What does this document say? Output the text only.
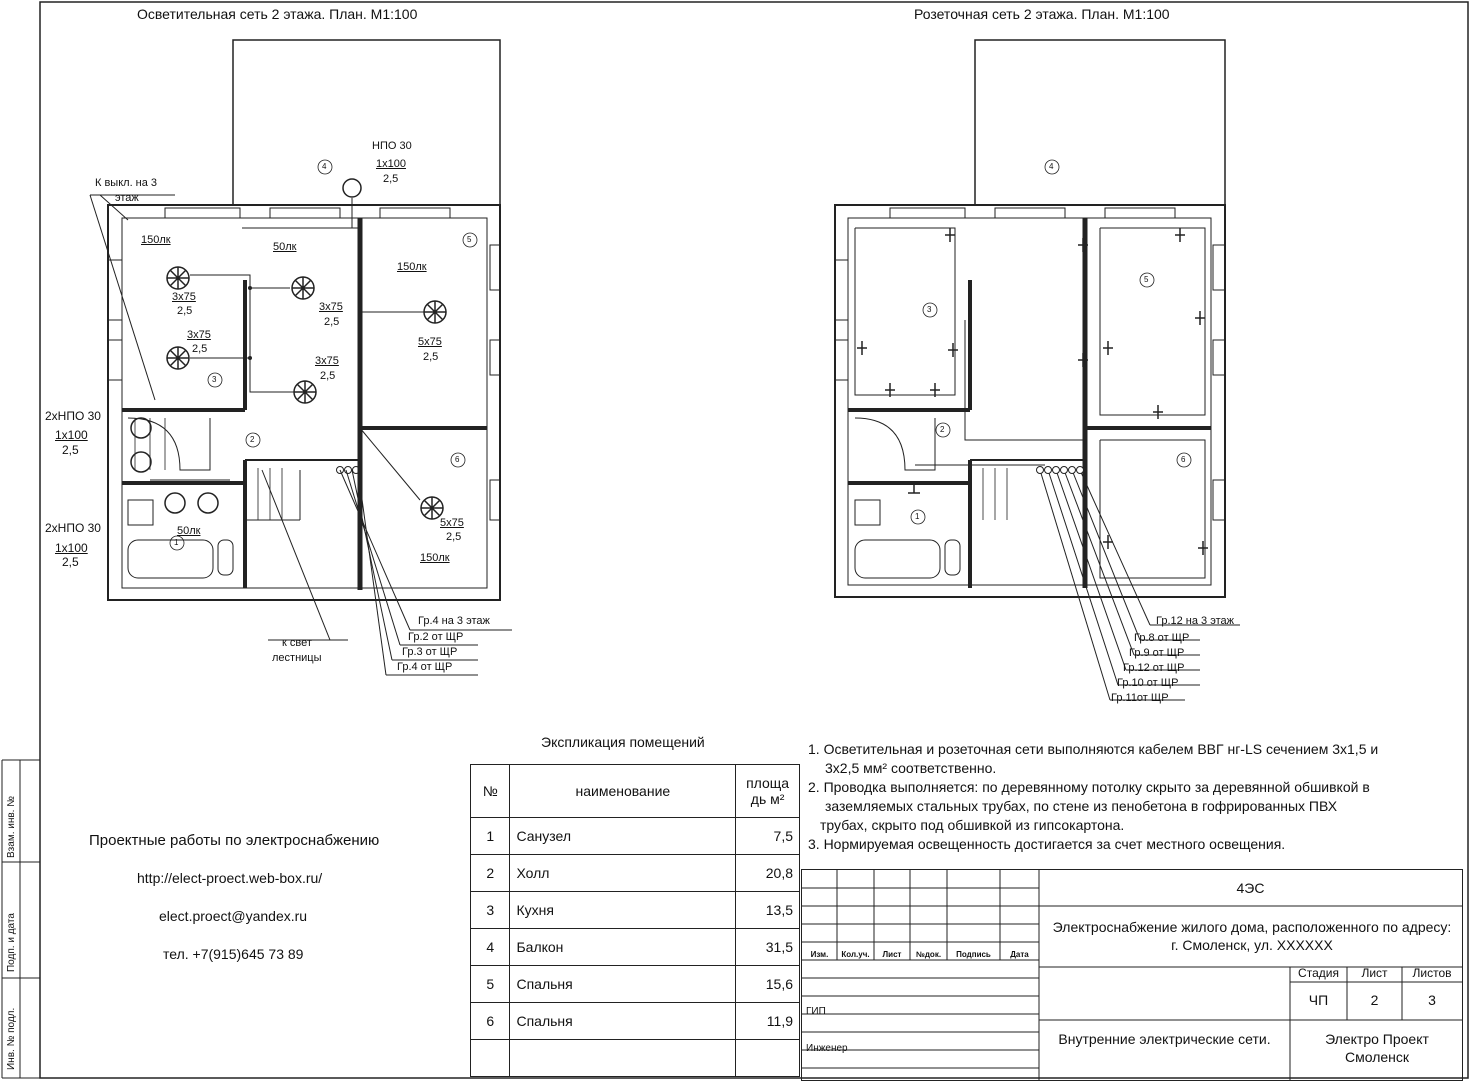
Взам. инв. №
Подп. и дата
Инв. № подл.
Осветительная сеть 2 этажа. План. М1:100	Розеточная сеть 2 этажа. План. М1:100
4
5
3
2
1
6
НПО 30
1х100
2,5
К выкл. на 3
этаж
150лк
50лк
150лк
50лк
150лк
3х75
2,5	3х75
2,5
3х75
2,5
3х75
2,5
5х75
2,5
5х75
2,5
2хНПО 30
1х100
2,5
2хНПО 30
1х100
2,5
к свет
лестницы
Гр.4 на 3 этаж
Гр.2 от ЩР
Гр.3 от ЩР
Гр.4 от ЩР
4
5
3
2
1
6
Гр.12 на 3 этаж
Гр.8 от ЩР
Гр.9 от ЩР
Гр.12 от ЩР
Гр.10 от ЩР
Гр.11от ЩР
Проектные работы по электроснабжению
http://elect-proect.web-box.ru/
elect.proect@yandex.ru
тел. +7(915)645 73 89
Экспликация помещений
№	наименование	площа дь м²
1	Санузел	7,5
2	Холл	20,8
3	Кухня	13,5
4	Балкон	31,5
5	Спальня	15,6
6	Спальня	11,9

1. Осветительная и розеточная сети выполняются кабелем ВВГ нг-LS сечением 3х1,5 и
3х2,5 мм² соответственно.
2. Проводка выполняется: по деревянному потолку скрыто за деревянной обшивкой в
заземляемых стальных трубах, по стене из пенобетона в гофрированных ПВХ
трубах, скрыто под обшивкой из гипсокартона.
3. Нормируемая освещенность достигается за счет местного освещения.
Изм.	Кол.уч.	Лист	№док.	Подпись	Дата
ГИП
Инженер
4ЭС
Электроснабжение жилого дома, расположенного по адресу: г. Смоленск, ул. XXXXXX
Стадия	Лист	Листов
ЧП	2	3
Внутренние электрические сети.	Электро Проект Смоленск
